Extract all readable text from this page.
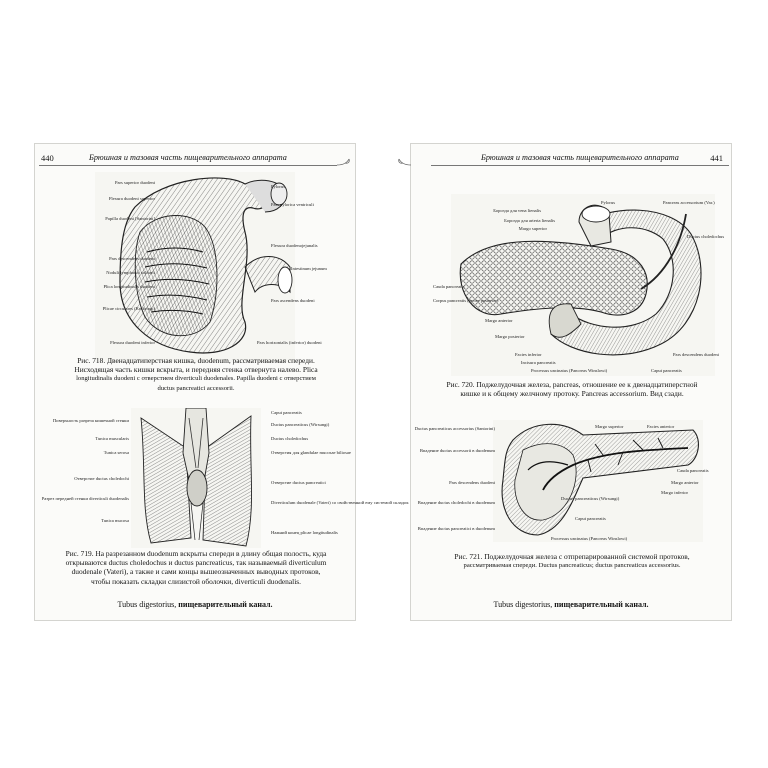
440	Брюшная и тазовая часть пищеварительного аппарата
Pars superior duodeni
Flexura duodeni superior
Papilla duodeni [Santorini]
Pars descendens duodeni
Noduli lymphatici solitarii
Plica longitudinalis duodeni
Plicae circulares (Kerkringi)
Flexura duodeni inferior
Pylorus
Pars pylorica ventriculi
Flexura duodenojejunalis
Intestinum jejunum
Pars ascendens duodeni
Pars horizontalis (inferior) duodeni
Рис. 718. Двенадцатиперстная кишка, duodenum, рассматриваемая спереди.
Нисходящая часть кишки вскрыта, и передняя стенка отвернута налево. Plica
longitudinalis duodeni с отверстием diverticuli duodenales. Papilla duodeni с отверстием
ductus pancreatici accessorii.
Поверхность разреза кишечной стенки
Tunica muscularis
Tunica serosa
Отверстие ductus choledochi
Разрез передней стенки diverticuli duodenalis
Tunica mucosa
Caput pancreatis
Ductus pancreaticus (Wirsungi)
Ductus choledochus
Отверстия для glandulae mucosae biliosae
Отверстие ductus pancreatici
Diverticulum duodenale (Vateri) со свойственной ему системой складок
Нажний конец plicae longitudinalis
Рис. 719. На разрезанном duodenum вскрыты спереди в длину общая полость, куда
открываются ductus choledochus и ductus pancreaticus, так называемый diverticulum
duodenale (Vateri), а также и сами концы вышеозначенных выводных протоков,
чтобы показать складки слизистой оболочки, diverticuli duodenalis.
Tubus digestorius, пищеварительный канал.
Брюшная и тазовая часть пищеварительного аппарата	441
Борозда для vena lienalis
Борозда для arteria lienalis
Margo superior
Cauda pancreatis
Corpus pancreatis (facies posterior)
Margo anterior
Margo posterior
Facies inferior
Incisura pancreatis
Processus uncinatus (Pancreas Winslowi)
Pylorus	Pancreas accessorium (Var.)
Ductus choledochus
Pars descendens duodeni
Caput pancreatis
Рис. 720. Поджелудочная железа, pancreas, отношение ее к двенадцатиперстной
кишке и к общему желчному протоку. Pancreas accessorium. Вид сзади.
Ductus pancreaticus accessorius (Santorini)
Впадение ductus accessorii в duodenum
Pars descendens duodeni
Впадение ductus choledochi в duodenum
Впадение ductus pancreatici в duodenum
Margo superior	Facies anterior
Cauda pancreatis
Margo anterior
Margo inferior
Ductus pancreaticus (Wirsungi)
Caput pancreatis
Processus uncinatus (Pancreas Winslowi)
Рис. 721. Поджелудочная железа с отпрепарированной системой протоков,
рассматриваемая спереди. Ductus pancreaticus; ductus pancreaticus accessorius.
Tubus digestorius, пищеварительный канал.
